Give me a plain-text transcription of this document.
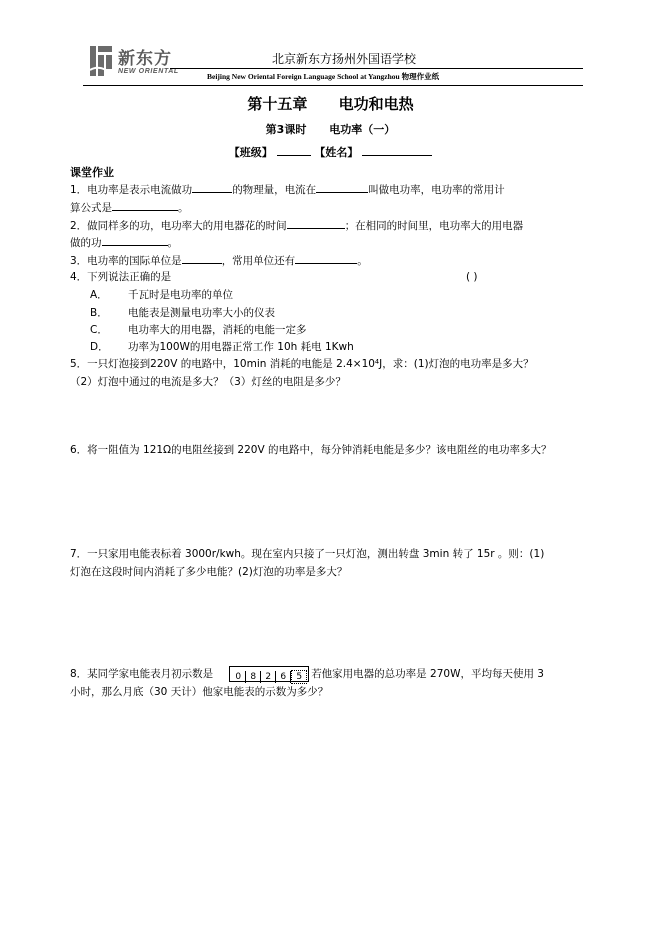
新东方
NEW ORIENTAL
北京新东方扬州外国语学校
Beijing New Oriental Foreign Language School at Yangzhou 物理作业纸
第十五章      电功和电热
第3课时      电功率（一）
【班级】	【姓名】
课堂作业
1．电功率是表示电流做功	的物理量，电流在	叫做电功率，电功率的常用计
算公式是	。
2．做同样多的功，电功率大的用电器花的时间	；在相同的时间里，电功率大的用电器
做的功	。
3．电功率的国际单位是	，常用单位还有	。
4．下列说法正确的是	( )
A． 千瓦时是电功率的单位
B． 电能表是测量电功率大小的仪表
C． 电功率大的用电器，消耗的电能一定多
D． 功率为100W的用电器正常工作 10h 耗电 1Kwh
5．一只灯泡接到220V 的电路中，10min 消耗的电能是 2.4×10⁴J，求：(1)灯泡的电功率是多大？
（2）灯泡中通过的电流是多大？（3）灯丝的电阻是多少？
6．将一阻值为 121Ω的电阻丝接到 220V 的电路中，每分钟消耗电能是多少？该电阻丝的电功率多大？
7．一只家用电能表标着 3000r/kwh。现在室内只接了一只灯泡，测出转盘 3min 转了 15r 。则：(1)
灯泡在这段时间内消耗了多少电能？(2)灯泡的功率是多大？
8．某同学家电能表月初示数是 0 8 2 6 5 若他家用电器的总功率是 270W，平均每天使用 3
小时，那么月底（30 天计）他家电能表的示数为多少？
